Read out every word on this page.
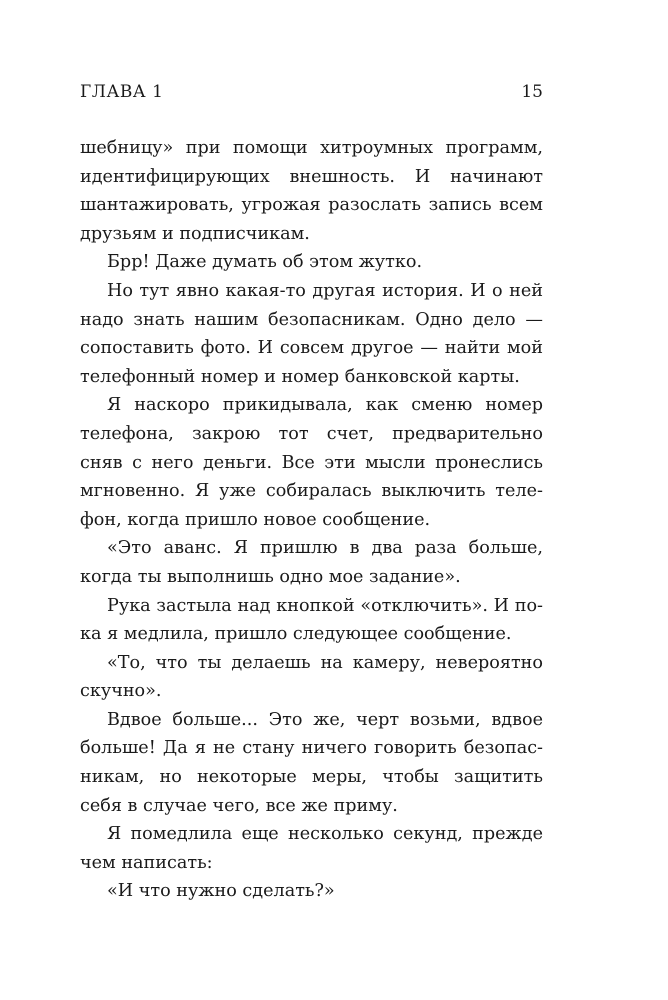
ГЛАВА 1	15
шебницу» при помощи хитроумных программ,
идентифицирующих внешность. И начинают
шантажировать, угрожая разослать запись всем
друзьям и подписчикам.
Брр! Даже думать об этом жутко.
Но тут явно какая-то другая история. И о ней
надо знать нашим безопасникам. Одно дело —
сопоставить фото. И совсем другое — найти мой
телефонный номер и номер банковской карты.
Я наскоро прикидывала, как сменю номер
телефона, закрою тот счет, предварительно
сняв с него деньги. Все эти мысли пронеслись
мгновенно. Я уже собиралась выключить теле-
фон, когда пришло новое сообщение.
«Это аванс. Я пришлю в два раза больше,
когда ты выполнишь одно мое задание».
Рука застыла над кнопкой «отключить». И по-
ка я медлила, пришло следующее сообщение.
«То, что ты делаешь на камеру, невероятно
скучно».
Вдвое больше... Это же, черт возьми, вдвое
больше! Да я не стану ничего говорить безопас-
никам, но некоторые меры, чтобы защитить
себя в случае чего, все же приму.
Я помедлила еще несколько секунд, прежде
чем написать:
«И что нужно сделать?»
